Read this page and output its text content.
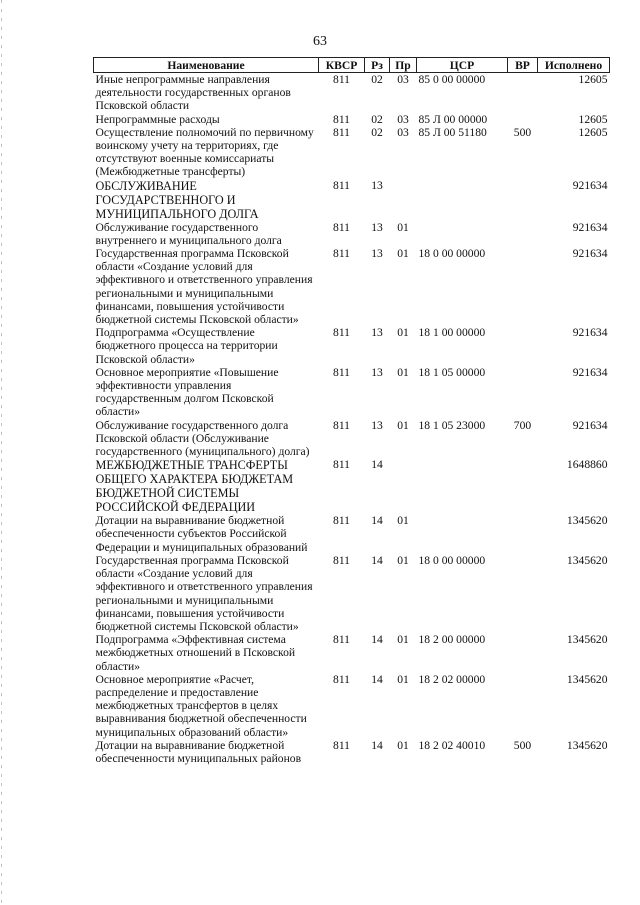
63
Наименование	КВСР	Рз	Пр	ЦСР	ВР	Исполнено
Иные непрограммные направления деятельности государственных органов Псковской области	811	02	03	85 0 00 00000		12605
Непрограммные расходы	811	02	03	85 Л 00 00000		12605
Осуществление полномочий по первичному воинскому учету на территориях, где отсутствуют военные комиссариаты (Межбюджетные трансферты)	811	02	03	85 Л 00 51180	500	12605
ОБСЛУЖИВАНИЕ ГОСУДАРСТВЕННОГО И МУНИЦИПАЛЬНОГО ДОЛГА	811	13				921634
Обслуживание государственного внутреннего и муниципального долга	811	13	01			921634
Государственная программа Псковской области «Создание условий для эффективного и ответственного управления региональными и муниципальными финансами, повышения устойчивости бюджетной системы Псковской области»	811	13	01	18 0 00 00000		921634
Подпрограмма «Осуществление бюджетного процесса на территории Псковской области»	811	13	01	18 1 00 00000		921634
Основное мероприятие «Повышение эффективности управления государственным долгом Псковской области»	811	13	01	18 1 05 00000		921634
Обслуживание государственного долга Псковской области (Обслуживание государственного (муниципального) долга)	811	13	01	18 1 05 23000	700	921634
МЕЖБЮДЖЕТНЫЕ ТРАНСФЕРТЫ ОБЩЕГО ХАРАКТЕРА БЮДЖЕТАМ БЮДЖЕТНОЙ СИСТЕМЫ РОССИЙСКОЙ ФЕДЕРАЦИИ	811	14				1648860
Дотации на выравнивание бюджетной обеспеченности субъектов Российской Федерации и муниципальных образований	811	14	01			1345620
Государственная программа Псковской области «Создание условий для эффективного и ответственного управления региональными и муниципальными финансами, повышения устойчивости бюджетной системы Псковской области»	811	14	01	18 0 00 00000		1345620
Подпрограмма «Эффективная система межбюджетных отношений в Псковской области»	811	14	01	18 2 00 00000		1345620
Основное мероприятие «Расчет, распределение и предоставление межбюджетных трансфертов в целях выравнивания бюджетной обеспеченности муниципальных образований области»	811	14	01	18 2 02 00000		1345620
Дотации на выравнивание бюджетной обеспеченности муниципальных районов	811	14	01	18 2 02 40010	500	1345620
